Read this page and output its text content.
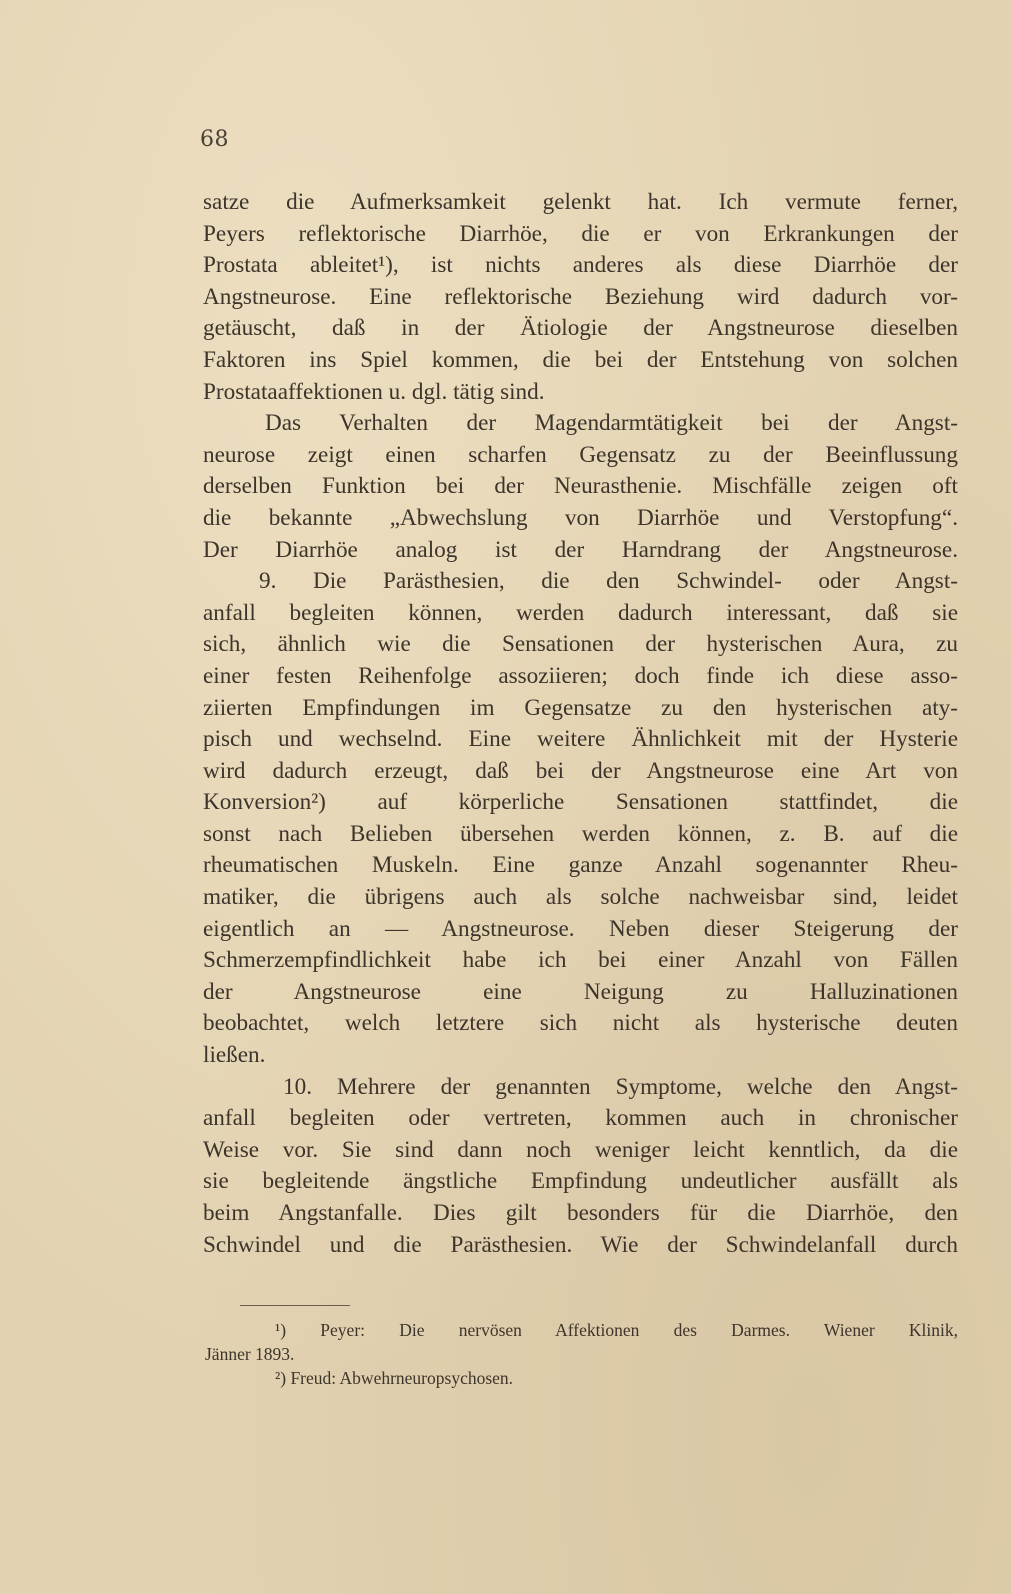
68
satze die Aufmerksamkeit gelenkt hat. Ich vermute ferner,
Peyers reflektorische Diarrhöe, die er von Erkrankungen der
Prostata ableitet¹), ist nichts anderes als diese Diarrhöe der
Angstneurose. Eine reflektorische Beziehung wird dadurch vor-
getäuscht, daß in der Ätiologie der Angstneurose dieselben
Faktoren ins Spiel kommen, die bei der Entstehung von solchen
Prostataaffektionen u. dgl. tätig sind.
Das Verhalten der Magendarmtätigkeit bei der Angst-
neurose zeigt einen scharfen Gegensatz zu der Beeinflussung
derselben Funktion bei der Neurasthenie. Mischfälle zeigen oft
die bekannte „Abwechslung von Diarrhöe und Verstopfung“.
Der Diarrhöe analog ist der Harndrang der Angstneurose.
9. Die Parästhesien, die den Schwindel- oder Angst-
anfall begleiten können, werden dadurch interessant, daß sie
sich, ähnlich wie die Sensationen der hysterischen Aura, zu
einer festen Reihenfolge assoziieren; doch finde ich diese asso-
ziierten Empfindungen im Gegensatze zu den hysterischen aty-
pisch und wechselnd. Eine weitere Ähnlichkeit mit der Hysterie
wird dadurch erzeugt, daß bei der Angstneurose eine Art von
Konversion²) auf körperliche Sensationen stattfindet, die
sonst nach Belieben übersehen werden können, z. B. auf die
rheumatischen Muskeln. Eine ganze Anzahl sogenannter Rheu-
matiker, die übrigens auch als solche nachweisbar sind, leidet
eigentlich an — Angstneurose. Neben dieser Steigerung der
Schmerzempfindlichkeit habe ich bei einer Anzahl von Fällen
der Angstneurose eine Neigung zu Halluzinationen
beobachtet, welch letztere sich nicht als hysterische deuten
ließen.
10. Mehrere der genannten Symptome, welche den Angst-
anfall begleiten oder vertreten, kommen auch in chronischer
Weise vor. Sie sind dann noch weniger leicht kenntlich, da die
sie begleitende ängstliche Empfindung undeutlicher ausfällt als
beim Angstanfalle. Dies gilt besonders für die Diarrhöe, den
Schwindel und die Parästhesien. Wie der Schwindelanfall durch
¹) Peyer: Die nervösen Affektionen des Darmes. Wiener Klinik,
Jänner 1893.
²) Freud: Abwehrneuropsychosen.
